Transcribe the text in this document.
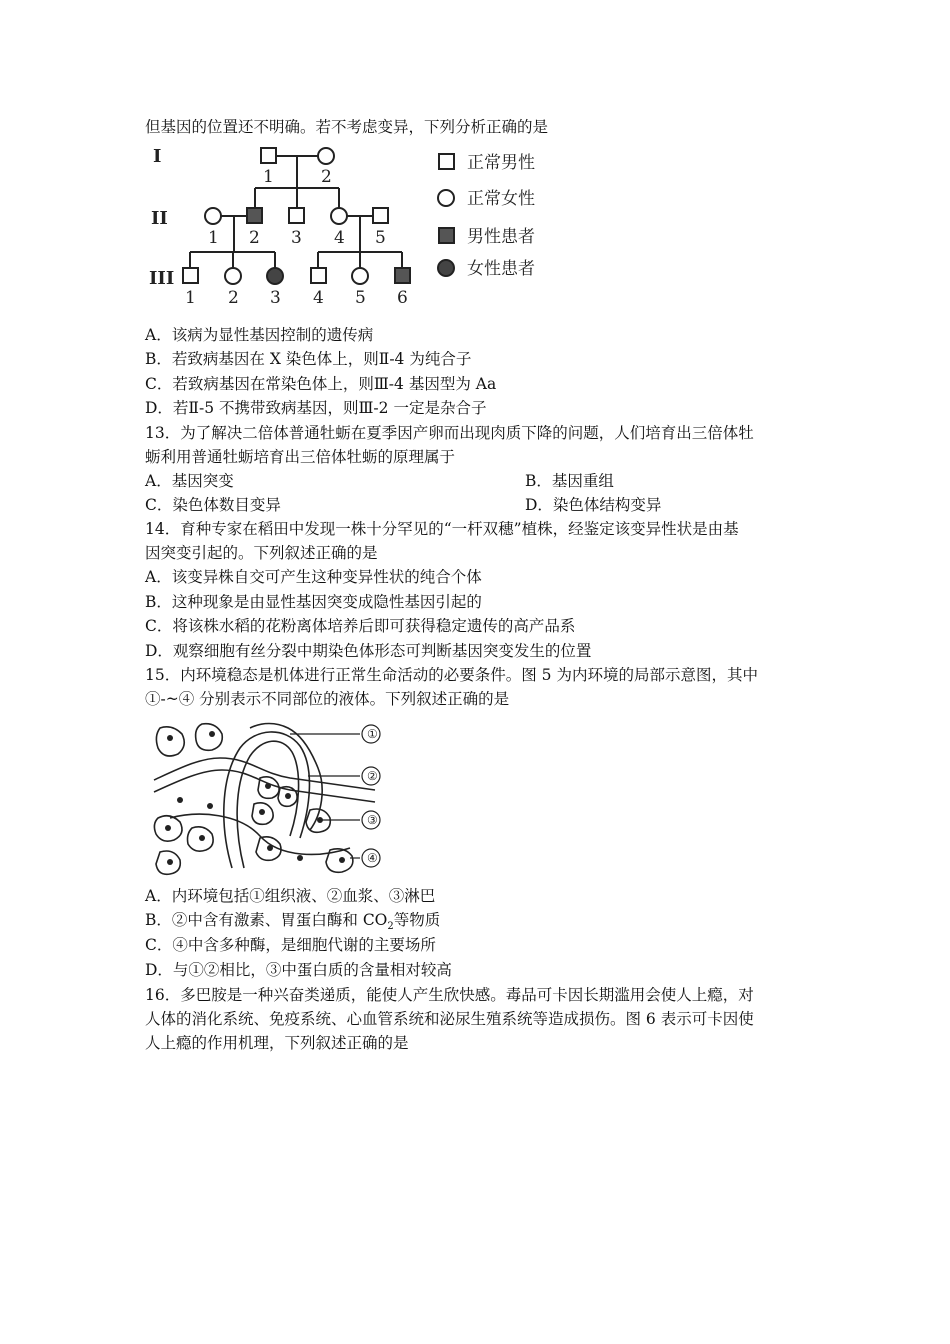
但基因的位置还不明确。若不考虑变异，下列分析正确的是
I
II
III
1	2
1 2 3 4 5
1 2 3 4 5 6
正常男性
正常女性
男性患者
女性患者
A．该病为显性基因控制的遗传病
B．若致病基因在 X 染色体上，则Ⅱ-4 为纯合子
C．若致病基因在常染色体上，则Ⅲ-4 基因型为 Aa
D．若Ⅱ-5 不携带致病基因，则Ⅲ-2 一定是杂合子
13．为了解决二倍体普通牡蛎在夏季因产卵而出现肉质下降的问题，人们培育出三倍体牡
蛎利用普通牡蛎培育出三倍体牡蛎的原理属于
A．基因突变	B．基因重组
C．染色体数目变异	D．染色体结构变异
14．育种专家在稻田中发现一株十分罕见的“一杆双穗”植株，经鉴定该变异性状是由基
因突变引起的。下列叙述正确的是
A．该变异株自交可产生这种变异性状的纯合个体
B．这种现象是由显性基因突变成隐性基因引起的
C．将该株水稻的花粉离体培养后即可获得稳定遗传的高产品系
D．观察细胞有丝分裂中期染色体形态可判断基因突变发生的位置
15．内环境稳态是机体进行正常生命活动的必要条件。图 5 为内环境的局部示意图，其中
①-~④ 分别表示不同部位的液体。下列叙述正确的是
①
②
③
④
A．内环境包括①组织液、②血浆、③淋巴
B．②中含有激素、胃蛋白酶和 $CO_2$等物质
C．④中含多种酶，是细胞代谢的主要场所
D．与①②相比，③中蛋白质的含量相对较高
16．多巴胺是一种兴奋类递质，能使人产生欣快感。毒品可卡因长期滥用会使人上瘾，对
人体的消化系统、免疫系统、心血管系统和泌尿生殖系统等造成损伤。图 6 表示可卡因使
人上瘾的作用机理，下列叙述正确的是
